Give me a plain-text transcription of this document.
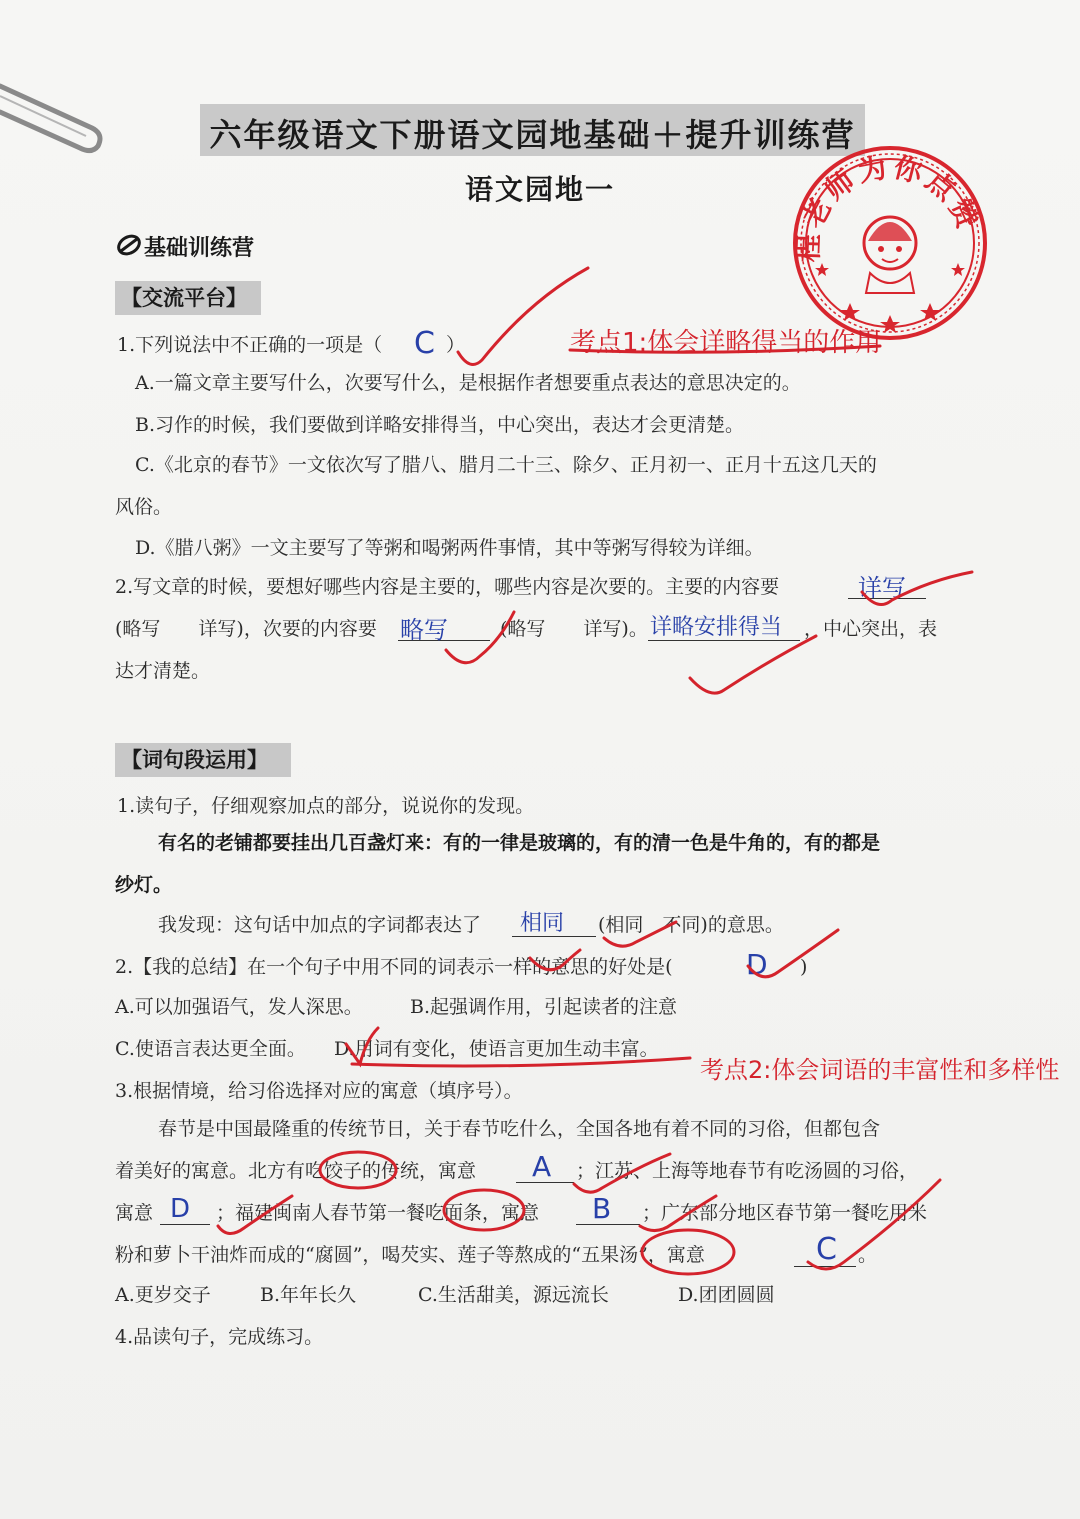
六年级语文下册语文园地基础＋提升训练营
语文园地一
基础训练营	程老师为你点赞
【交流平台】
1.下列说法中不正确的一项是（ C ）	考点1:体会详略得当的作用
A.一篇文章主要写什么，次要写什么，是根据作者想要重点表达的意思决定的。
B.习作的时候，我们要做到详略安排得当，中心突出，表达才会更清楚。
C.《北京的春节》一文依次写了腊八、腊月二十三、除夕、正月初一、正月十五这几天的
风俗。
D.《腊八粥》一文主要写了等粥和喝粥两件事情，其中等粥写得较为详细。
2.写文章的时候，要想好哪些内容是主要的，哪些内容是次要的。主要的内容要	详写
(略写　　详写)，次要的内容要 略写	(略写　　详写)。 详略安排得当 ，中心突出，表
达才清楚。
【词句段运用】
1.读句子，仔细观察加点的部分，说说你的发现。
有名的老铺都要挂出几百盏灯来：有的一律是玻璃的，有的清一色是牛角的，有的都是
纱灯。
我发现：这句话中加点的字词都表达了 相同 (相同　不同)的意思。
2.【我的总结】在一个句子中用不同的词表示一样的意思的好处是(	D )
A.可以加强语气，发人深思。 B.起强调作用，引起读者的注意
C.使语言表达更全面。 D.用词有变化，使语言更加生动丰富。
考点2:体会词语的丰富性和多样性
3.根据情境，给习俗选择对应的寓意（填序号）。
春节是中国最隆重的传统节日，关于春节吃什么，全国各地有着不同的习俗，但都包含
着美好的寓意。北方有吃饺子的传统，寓意 A ；江苏、上海等地春节有吃汤圆的习俗，
寓意 D ；福建闽南人春节第一餐吃面条，寓意 B ；广东部分地区春节第一餐吃用米
粉和萝卜干油炸而成的“腐圆”，喝芡实、莲子等熬成的“五果汤”，寓意	C 。
A.更岁交子	B.年年长久	C.生活甜美，源远流长	D.团团圆圆
4.品读句子，完成练习。
